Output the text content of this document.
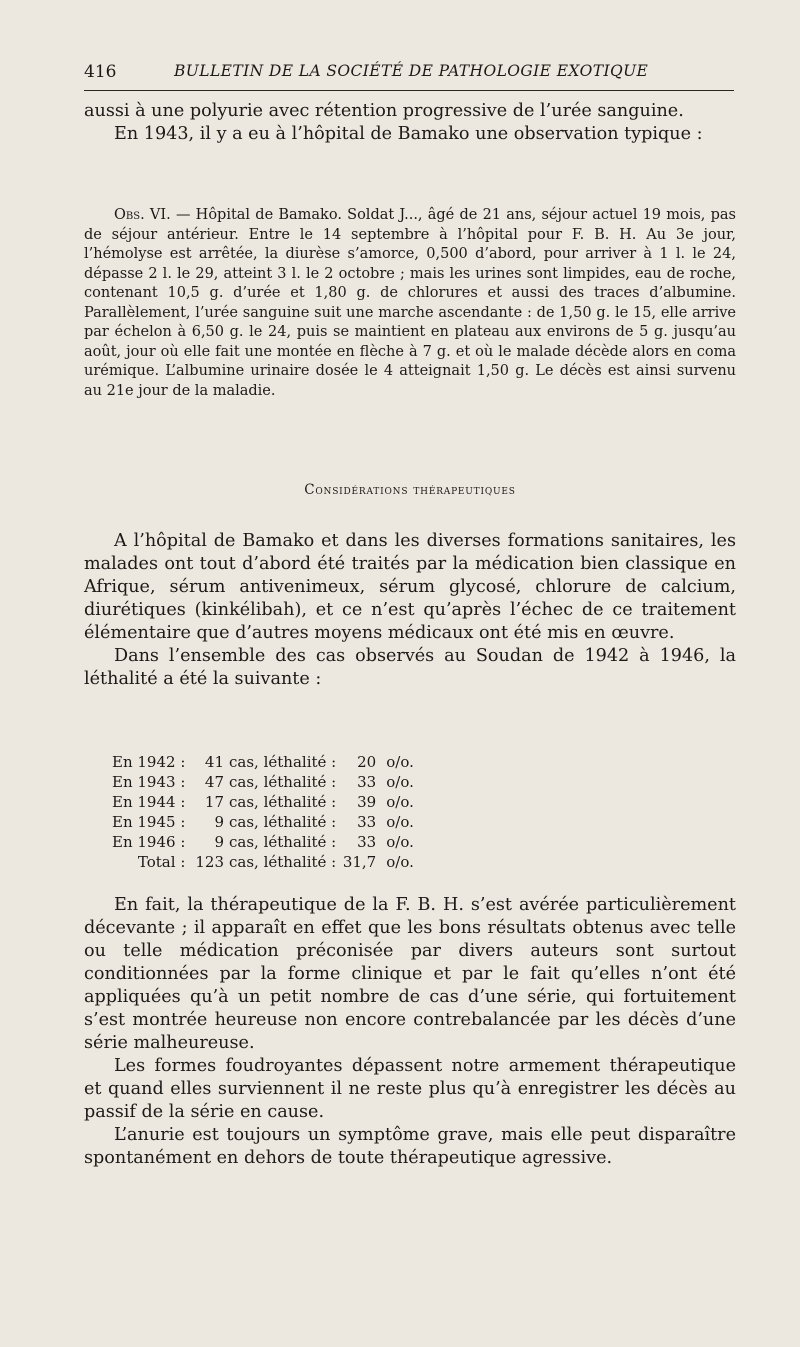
416	BULLETIN DE LA SOCIÉTÉ DE PATHOLOGIE EXOTIQUE

aussi à une polyurie avec rétention progressive de l’urée sanguine.

En 1943, il y a eu à l’hôpital de Bamako une observation typique :

Obs. VI. — Hôpital de Bamako. Soldat J..., âgé de 21 ans, séjour actuel 19 mois, pas de séjour antérieur. Entre le 14 septembre à l’hôpital pour F. B. H. Au 3e jour, l’hémolyse est arrêtée, la diurèse s’amorce, 0,500 d’abord, pour arriver à 1 l. le 24, dépasse 2 l. le 29, atteint 3 l. le 2 octobre ; mais les urines sont limpides, eau de roche, contenant 10,5 g. d’urée et 1,80 g. de chlorures et aussi des traces d’albumine. Parallèlement, l’urée sanguine suit une marche ascendante : de 1,50 g. le 15, elle arrive par échelon à 6,50 g. le 24, puis se maintient en plateau aux environs de 5 g. jusqu’au août, jour où elle fait une montée en flèche à 7 g. et où le malade décède alors en coma urémique. L’albumine urinaire dosée le 4 atteignait 1,50 g. Le décès est ainsi survenu au 21e jour de la maladie.

Considérations thérapeutiques

A l’hôpital de Bamako et dans les diverses formations sanitaires, les malades ont tout d’abord été traités par la médication bien classique en Afrique, sérum antivenimeux, sérum glycosé, chlorure de calcium, diurétiques (kinkélibah), et ce n’est qu’après l’échec de ce traitement élémentaire que d’autres moyens médicaux ont été mis en œuvre.

Dans l’ensemble des cas observés au Soudan de 1942 à 1946, la léthalité a été la suivante :

En 1942 :	41	cas, léthalité :	20	o/o.
En 1943 :	47	cas, léthalité :	33	o/o.
En 1944 :	17	cas, léthalité :	39	o/o.
En 1945 :	9	cas, léthalité :	33	o/o.
En 1946 :	9	cas, léthalité :	33	o/o.
Total :	123	cas, léthalité :	31,7	o/o.

En fait, la thérapeutique de la F. B. H. s’est avérée particulièrement décevante ; il apparaît en effet que les bons résultats obtenus avec telle ou telle médication préconisée par divers auteurs sont surtout conditionnées par la forme clinique et par le fait qu’elles n’ont été appliquées qu’à un petit nombre de cas d’une série, qui fortuitement s’est montrée heureuse non encore contrebalancée par les décès d’une série malheureuse.

Les formes foudroyantes dépassent notre armement thérapeutique et quand elles surviennent il ne reste plus qu’à enregistrer les décès au passif de la série en cause.

L’anurie est toujours un symptôme grave, mais elle peut disparaître spontanément en dehors de toute thérapeutique agressive.
